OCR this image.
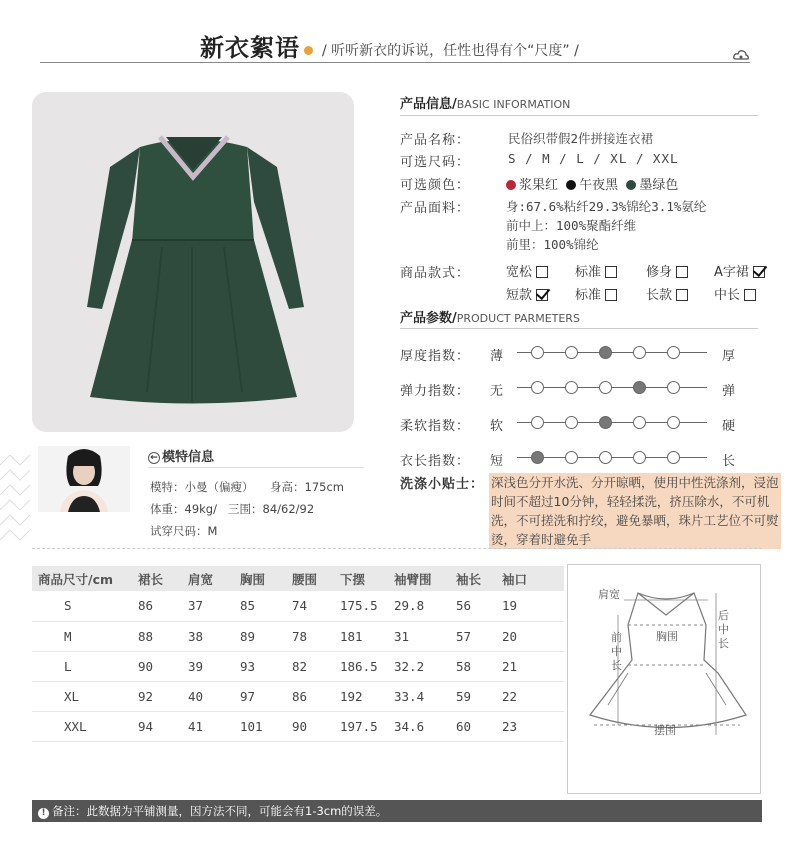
新衣絮语 / 听听新衣的诉说，任性也得有个“尺度” /
产品信息/BASIC INFORMATION
产品名称：	民俗织带假2件拼接连衣裙
可选尺码：	S / M / L / XL / XXL
可选颜色：	浆果红 午夜黑 墨绿色
产品面料：	身:67.6%粘纤29.3%锦纶3.1%氨纶
前中上：100%聚酯纤维
前里：100%锦纶
商品款式：	宽松	标准	修身	A字裙
短款	标准	长款	中长
产品参数/PRODUCT PARMETERS
厚度指数： 薄	厚
弹力指数： 无	弹
柔软指数： 软	硬
衣长指数： 短	长
洗涤小贴士： 深浅色分开水洗、分开晾晒，使用中性洗涤剂，浸泡时间不超过10分钟，轻轻揉洗，挤压除水，不可机洗，不可搓洗和拧绞，避免暴晒，珠片工艺位不可熨烫，穿着时避免手
← 模特信息
模特：小曼（偏瘦） 身高：175cm
体重：49kg/ 三围：84/62/92
试穿尺码：M
商品尺寸/cm	裙长	肩宽	胸围	腰围	下摆	袖臂围	袖长	袖口
S	86	37	85	74	175.5	29.8	56	19
M	88	38	89	78	181	31	57	20
L	90	39	93	82	186.5	32.2	58	21
XL	92	40	97	86	192	33.4	59	22
XXL	94	41	101	90	197.5	34.6	60	23
肩宽
胸围
前中长
后中长
摆围
! 备注：此数据为平铺测量，因方法不同，可能会有1-3cm的误差。
